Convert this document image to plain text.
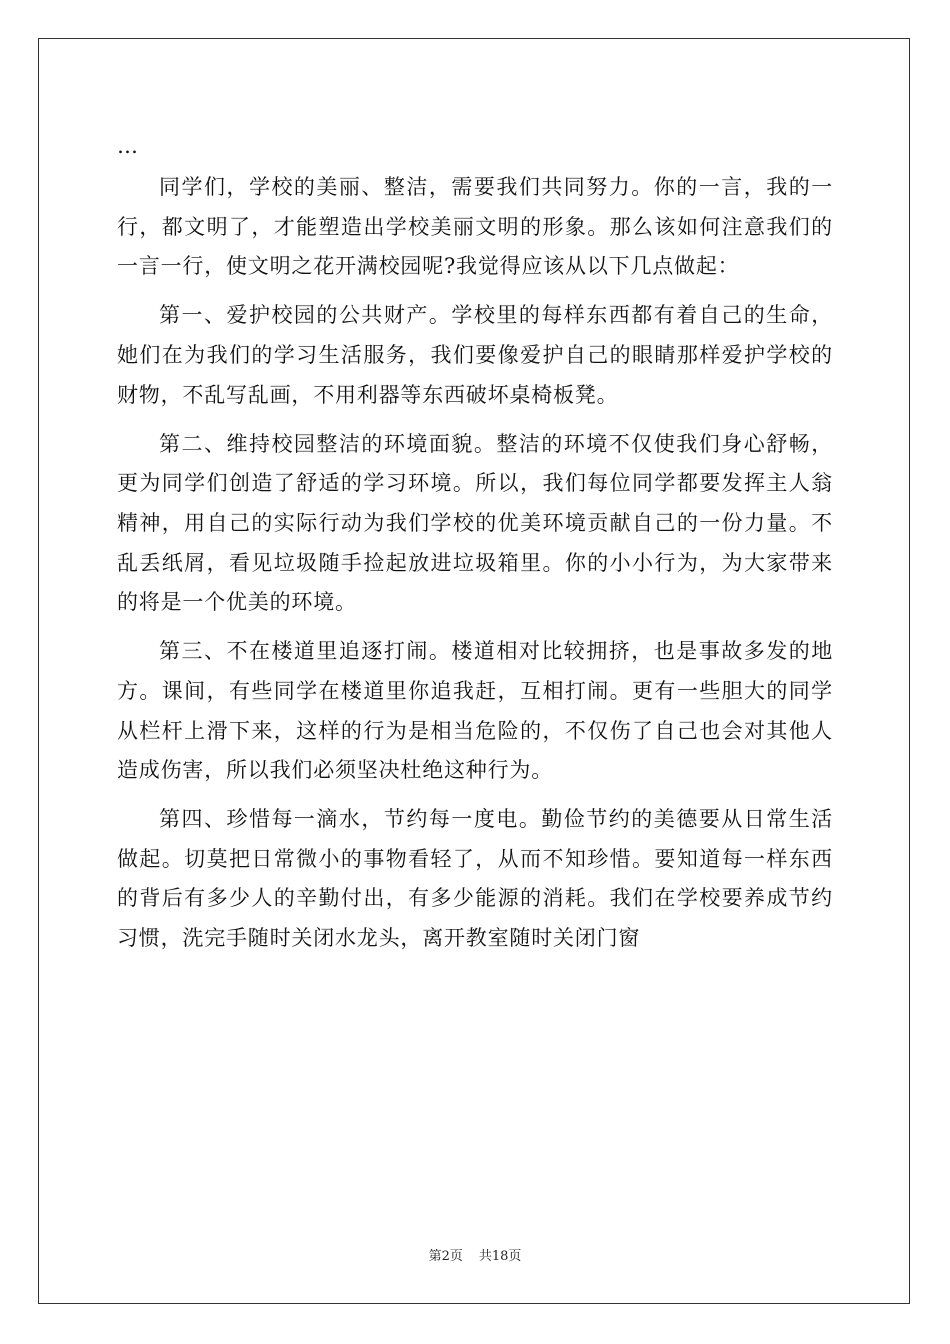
…

同学们，学校的美丽、整洁，需要我们共同努力。你的一言，我的一行，都文明了，才能塑造出学校美丽文明的形象。那么该如何注意我们的一言一行，使文明之花开满校园呢?我觉得应该从以下几点做起：

第一、爱护校园的公共财产。学校里的每样东西都有着自己的生命，她们在为我们的学习生活服务，我们要像爱护自己的眼睛那样爱护学校的财物，不乱写乱画，不用利器等东西破坏桌椅板凳。

第二、维持校园整洁的环境面貌。整洁的环境不仅使我们身心舒畅，更为同学们创造了舒适的学习环境。所以，我们每位同学都要发挥主人翁精神，用自己的实际行动为我们学校的优美环境贡献自己的一份力量。不乱丢纸屑，看见垃圾随手捡起放进垃圾箱里。你的小小行为，为大家带来的将是一个优美的环境。

第三、不在楼道里追逐打闹。楼道相对比较拥挤，也是事故多发的地方。课间，有些同学在楼道里你追我赶，互相打闹。更有一些胆大的同学从栏杆上滑下来，这样的行为是相当危险的，不仅伤了自己也会对其他人造成伤害，所以我们必须坚决杜绝这种行为。

第四、珍惜每一滴水，节约每一度电。勤俭节约的美德要从日常生活做起。切莫把日常微小的事物看轻了，从而不知珍惜。要知道每一样东西的背后有多少人的辛勤付出，有多少能源的消耗。我们在学校要养成节约习惯，洗完手随时关闭水龙头，离开教室随时关闭门窗

第2页 共18页
